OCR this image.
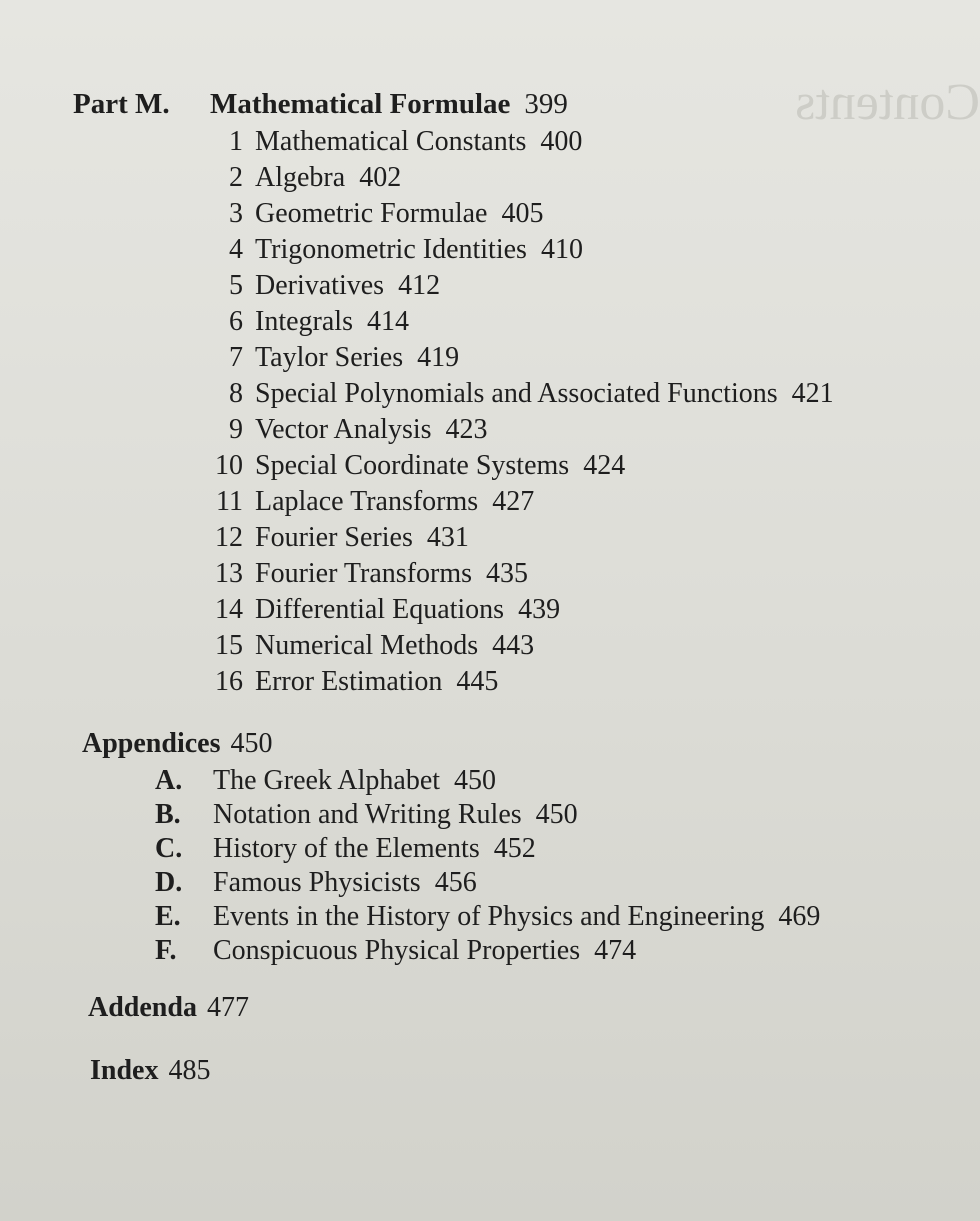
Contents
Part M. Mathematical Formulae 399
1 Mathematical Constants 400
2 Algebra 402
3 Geometric Formulae 405
4 Trigonometric Identities 410
5 Derivatives 412
6 Integrals 414
7 Taylor Series 419
8 Special Polynomials and Associated Functions 421
9 Vector Analysis 423
10 Special Coordinate Systems 424
11 Laplace Transforms 427
12 Fourier Series 431
13 Fourier Transforms 435
14 Differential Equations 439
15 Numerical Methods 443
16 Error Estimation 445
Appendices 450
A. The Greek Alphabet 450
B. Notation and Writing Rules 450
C. History of the Elements 452
D. Famous Physicists 456
E. Events in the History of Physics and Engineering 469
F. Conspicuous Physical Properties 474
Addenda 477
Index 485
